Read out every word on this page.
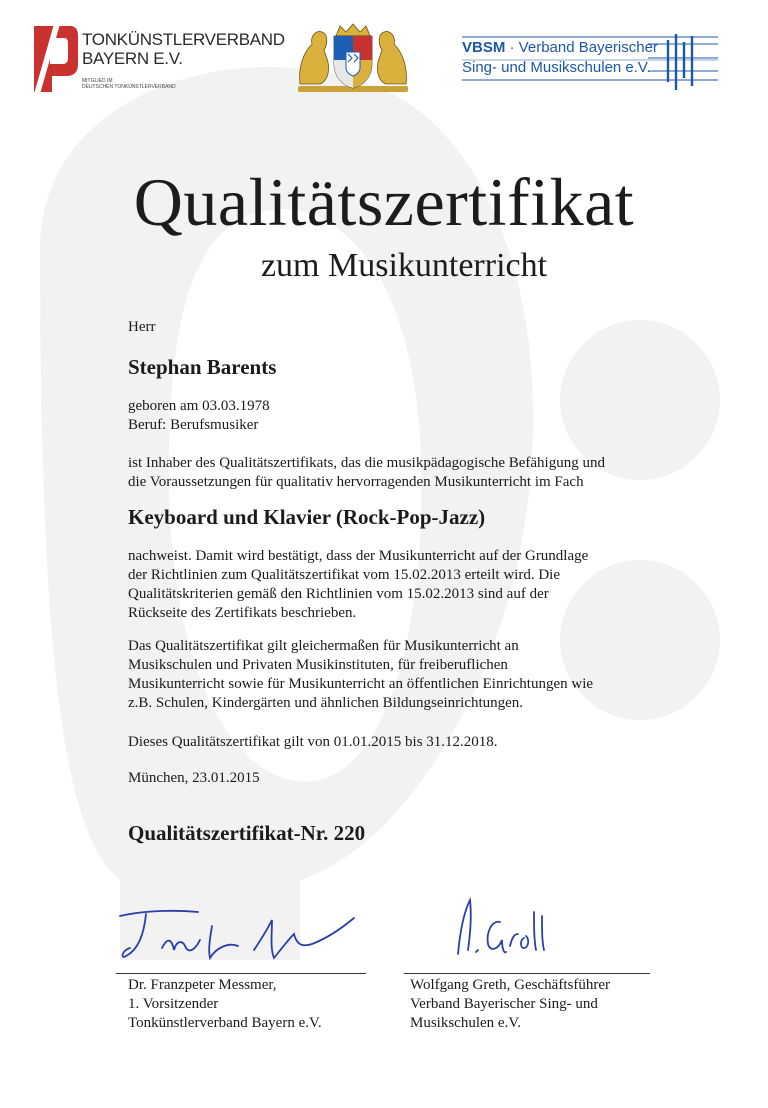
TONKÜNSTLERVERBAND
BAYERN E.V.
MITGLIED IM
DEUTSCHEN TONKÜNSTLERVERBAND
VBSM · Verband Bayerischer
Sing- und Musikschulen e.V.
Qualitätszertifikat
zum Musikunterricht
Herr
Stephan Barents
geboren am 03.03.1978
Beruf: Berufsmusiker
ist Inhaber des Qualitätszertifikats, das die musikpädagogische Befähigung und
die Voraussetzungen für qualitativ hervorragenden Musikunterricht im Fach
Keyboard und Klavier (Rock-Pop-Jazz)
nachweist. Damit wird bestätigt, dass der Musikunterricht auf der Grundlage
der Richtlinien zum Qualitätszertifikat vom 15.02.2013 erteilt wird. Die
Qualitätskriterien gemäß den Richtlinien vom 15.02.2013 sind auf der
Rückseite des Zertifikats beschrieben.
Das Qualitätszertifikat gilt gleichermaßen für Musikunterricht an
Musikschulen und Privaten Musikinstituten, für freiberuflichen
Musikunterricht sowie für Musikunterricht an öffentlichen Einrichtungen wie
z.B. Schulen, Kindergärten und ähnlichen Bildungseinrichtungen.
Dieses Qualitätszertifikat gilt von 01.01.2015 bis 31.12.2018.
München, 23.01.2015
Qualitätszertifikat-Nr. 220
Dr. Franzpeter Messmer,
1. Vorsitzender
Tonkünstlerverband Bayern e.V.
Wolfgang Greth, Geschäftsführer
Verband Bayerischer Sing- und
Musikschulen e.V.
